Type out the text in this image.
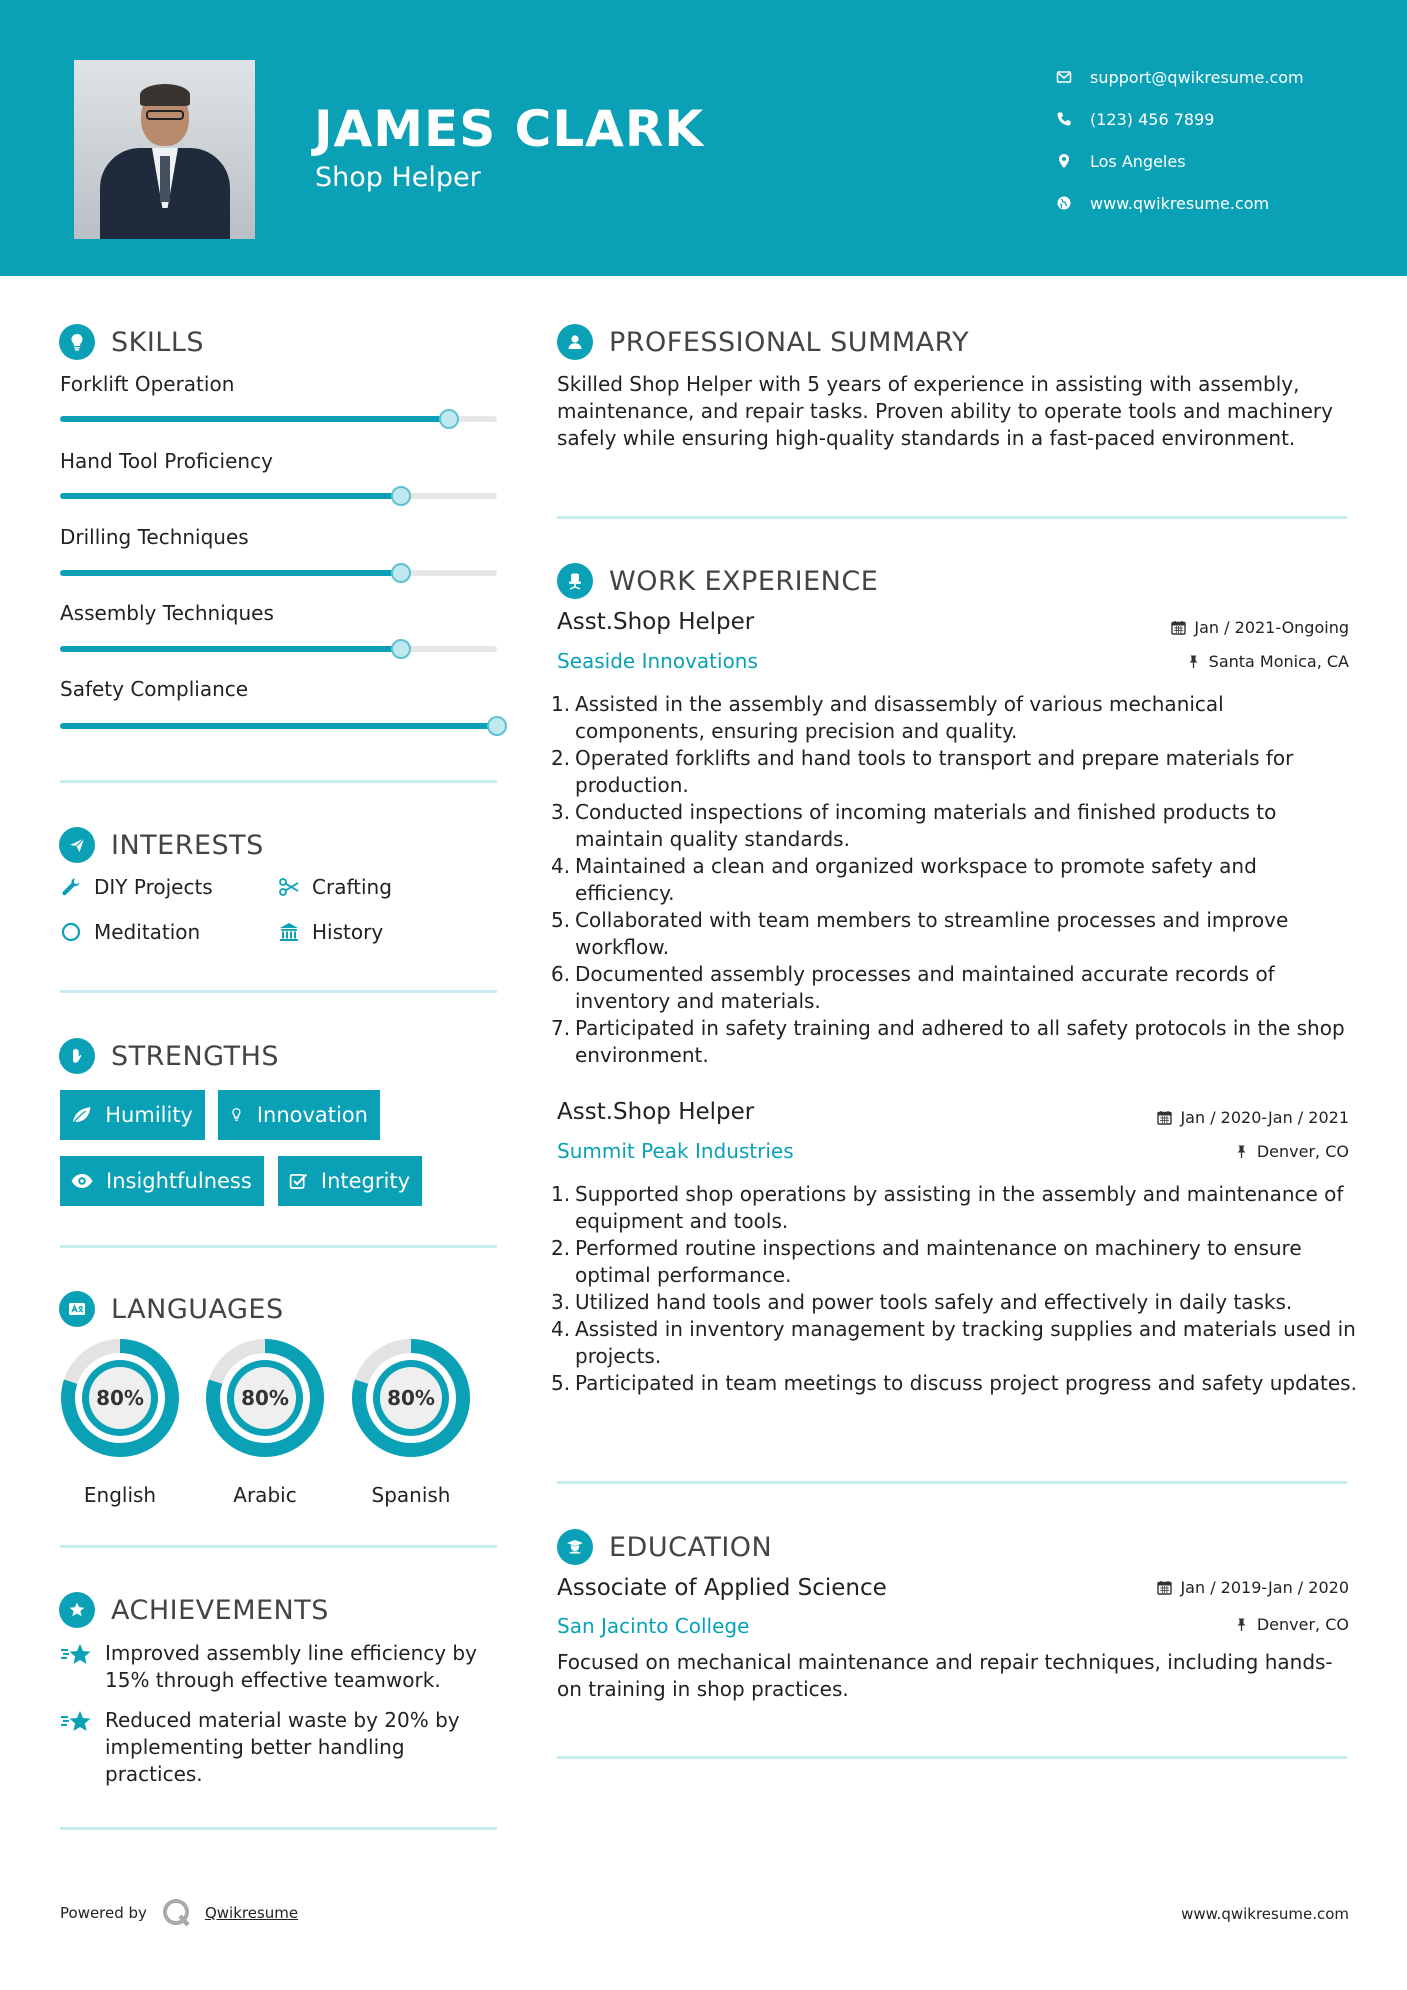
JAMES CLARK
Shop Helper
support@qwikresume.com
(123) 456 7899
Los Angeles
www.qwikresume.com
SKILLS
Forklift Operation
Hand Tool Proficiency
Drilling Techniques
Assembly Techniques
Safety Compliance
INTERESTS
DIY Projects	Crafting
Meditation	History
STRENGTHS
Humility	Innovation
Insightfulness	Integrity
LANGUAGES
80%
English
80%
Arabic
80%
Spanish
ACHIEVEMENTS
Improved assembly line efficiency by 15% through effective teamwork.
Reduced material waste by 20% by implementing better handling practices.
PROFESSIONAL SUMMARY
Skilled Shop Helper with 5 years of experience in assisting with assembly, maintenance, and repair tasks. Proven ability to operate tools and machinery safely while ensuring high-quality standards in a fast-paced environment.
WORK EXPERIENCE
Asst.Shop Helper	Jan / 2021-Ongoing
Seaside Innovations	Santa Monica, CA
1. Assisted in the assembly and disassembly of various mechanical components, ensuring precision and quality.
2. Operated forklifts and hand tools to transport and prepare materials for production.
3. Conducted inspections of incoming materials and finished products to maintain quality standards.
4. Maintained a clean and organized workspace to promote safety and efficiency.
5. Collaborated with team members to streamline processes and improve workflow.
6. Documented assembly processes and maintained accurate records of inventory and materials.
7. Participated in safety training and adhered to all safety protocols in the shop environment.
Asst.Shop Helper	Jan / 2020-Jan / 2021
Summit Peak Industries	Denver, CO
1. Supported shop operations by assisting in the assembly and maintenance of equipment and tools.
2. Performed routine inspections and maintenance on machinery to ensure optimal performance.
3. Utilized hand tools and power tools safely and effectively in daily tasks.
4. Assisted in inventory management by tracking supplies and materials used in projects.
5. Participated in team meetings to discuss project progress and safety updates.
EDUCATION
Associate of Applied Science	Jan / 2019-Jan / 2020
San Jacinto College	Denver, CO
Focused on mechanical maintenance and repair techniques, including hands-on training in shop practices.
Powered by	Qwikresume	www.qwikresume.com
